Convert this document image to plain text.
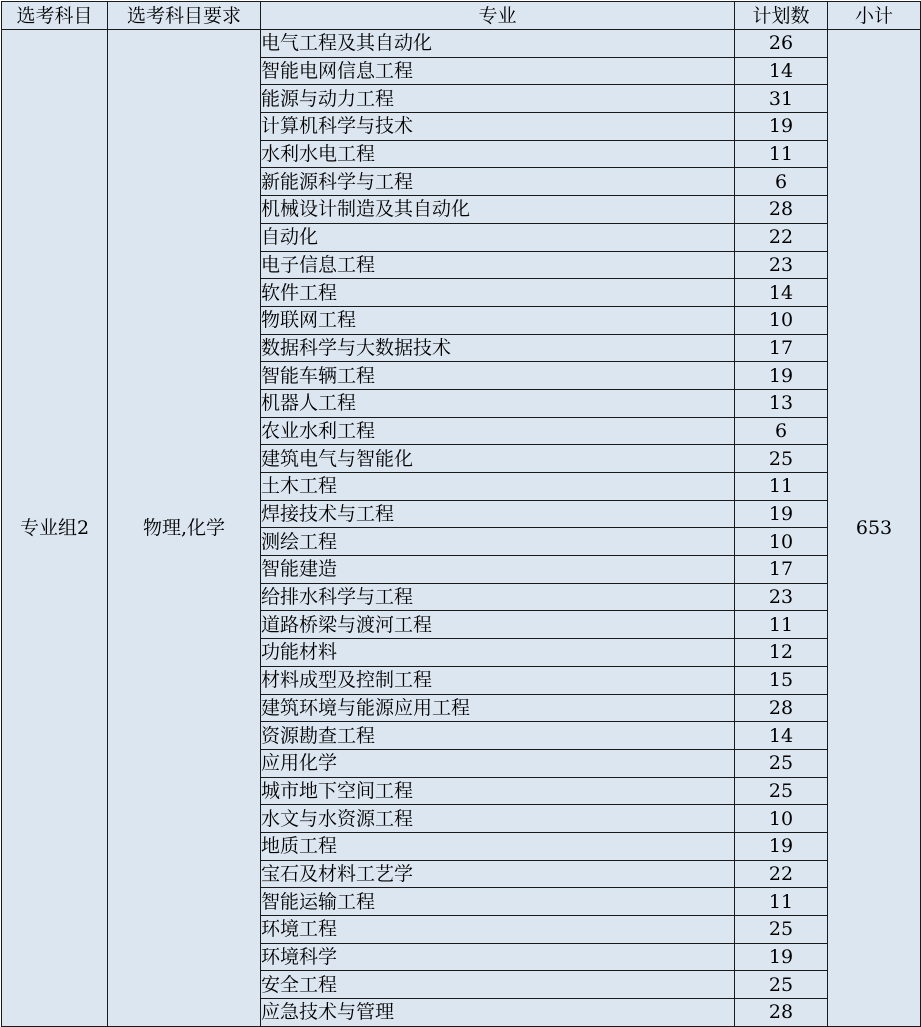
选考科目	选考科目要求	专业	计划数	小计
专业组2	物理,化学	电气工程及其自动化	26	653
		智能电网信息工程	14	
		能源与动力工程	31	
		计算机科学与技术	19	
		水利水电工程	11	
		新能源科学与工程	6	
		机械设计制造及其自动化	28	
		自动化	22	
		电子信息工程	23	
		软件工程	14	
		物联网工程	10	
		数据科学与大数据技术	17	
		智能车辆工程	19	
		机器人工程	13	
		农业水利工程	6	
		建筑电气与智能化	25	
		土木工程	11	
		焊接技术与工程	19	
		测绘工程	10	
		智能建造	17	
		给排水科学与工程	23	
		道路桥梁与渡河工程	11	
		功能材料	12	
		材料成型及控制工程	15	
		建筑环境与能源应用工程	28	
		资源勘查工程	14	
		应用化学	25	
		城市地下空间工程	25	
		水文与水资源工程	10	
		地质工程	19	
		宝石及材料工艺学	22	
		智能运输工程	11	
		环境工程	25	
		环境科学	19	
		安全工程	25	
		应急技术与管理	28	
